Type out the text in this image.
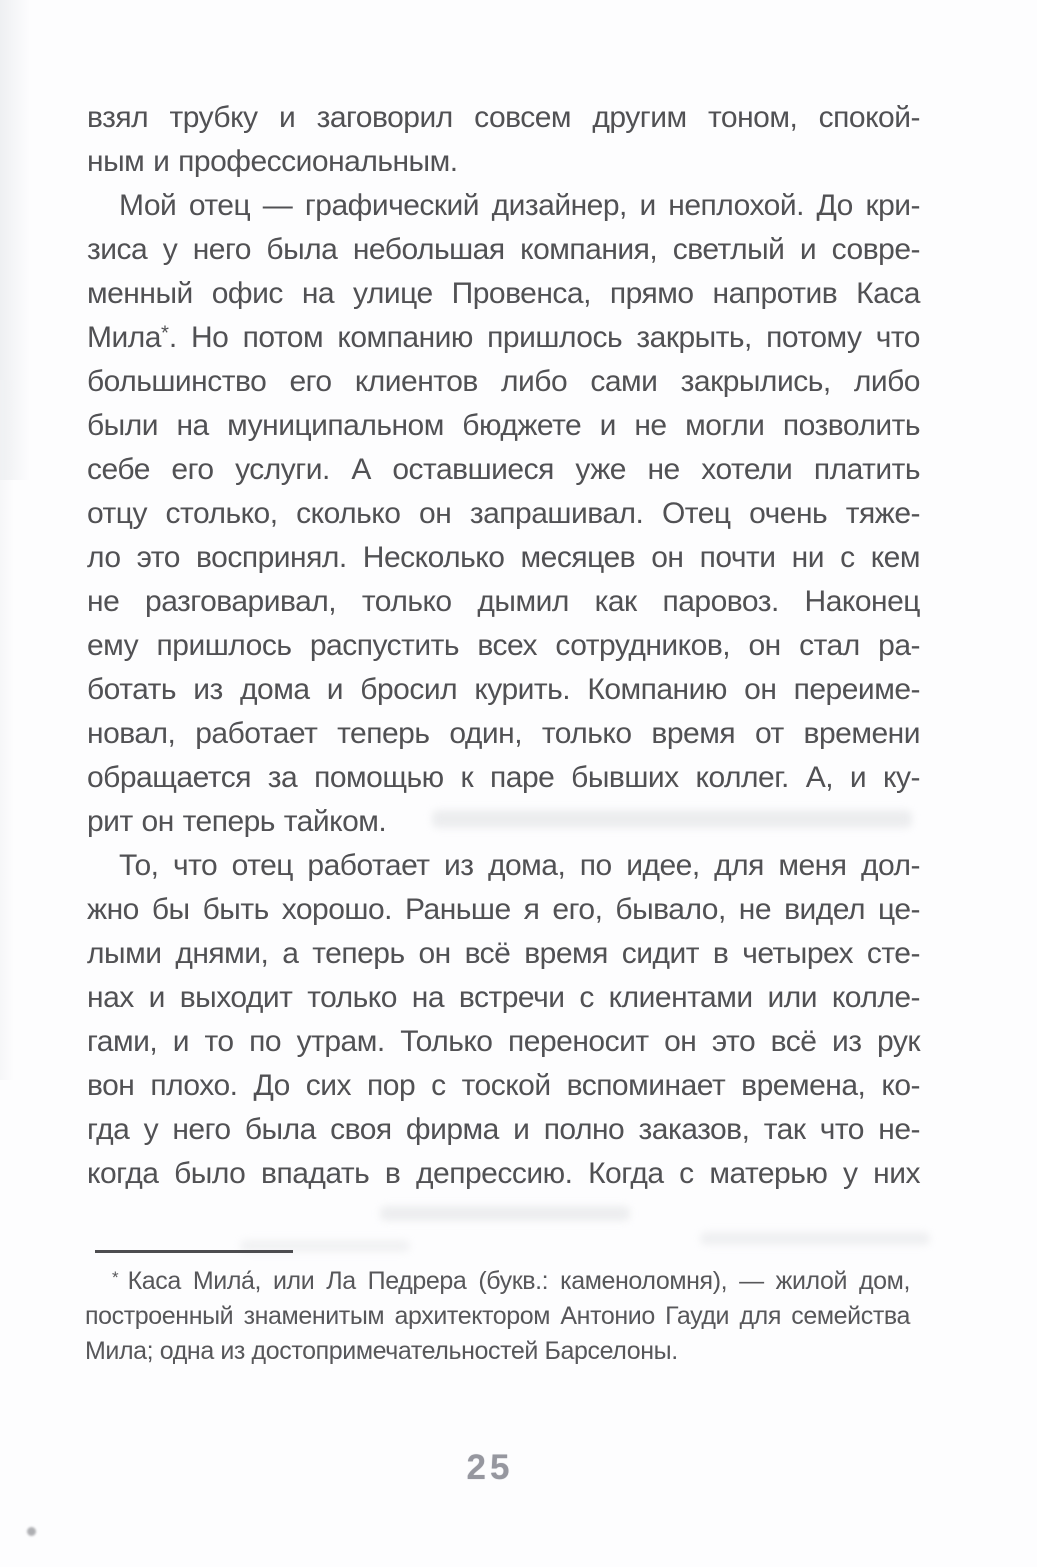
взял трубку и заговорил совсем другим тоном, спокой-
ным и профессиональным.
Мой отец — графический дизайнер, и неплохой. До кри-
зиса у него была небольшая компания, светлый и совре-
менный офис на улице Провенса, прямо напротив Каса
Мила*. Но потом компанию пришлось закрыть, потому что
большинство его клиентов либо сами закрылись, либо
были на муниципальном бюджете и не могли позволить
себе его услуги. А оставшиеся уже не хотели платить
отцу столько, сколько он запрашивал. Отец очень тяже-
ло это воспринял. Несколько месяцев он почти ни с кем
не разговаривал, только дымил как паровоз. Наконец
ему пришлось распустить всех сотрудников, он стал ра-
ботать из дома и бросил курить. Компанию он переиме-
новал, работает теперь один, только время от времени
обращается за помощью к паре бывших коллег. А, и ку-
рит он теперь тайком.
То, что отец работает из дома, по идее, для меня дол-
жно бы быть хорошо. Раньше я его, бывало, не видел це-
лыми днями, а теперь он всё время сидит в четырех сте-
нах и выходит только на встречи с клиентами или колле-
гами, и то по утрам. Только переносит он это всё из рук
вон плохо. До сих пор с тоской вспоминает времена, ко-
гда у него была своя фирма и полно заказов, так что не-
когда было впадать в депрессию. Когда с матерью у них
* Каса Мила́, или Ла Педрера (букв.: каменоломня), — жилой дом,
построенный знаменитым архитектором Антонио Гауди для семейства
Мила; одна из достопримечательностей Барселоны.
25
